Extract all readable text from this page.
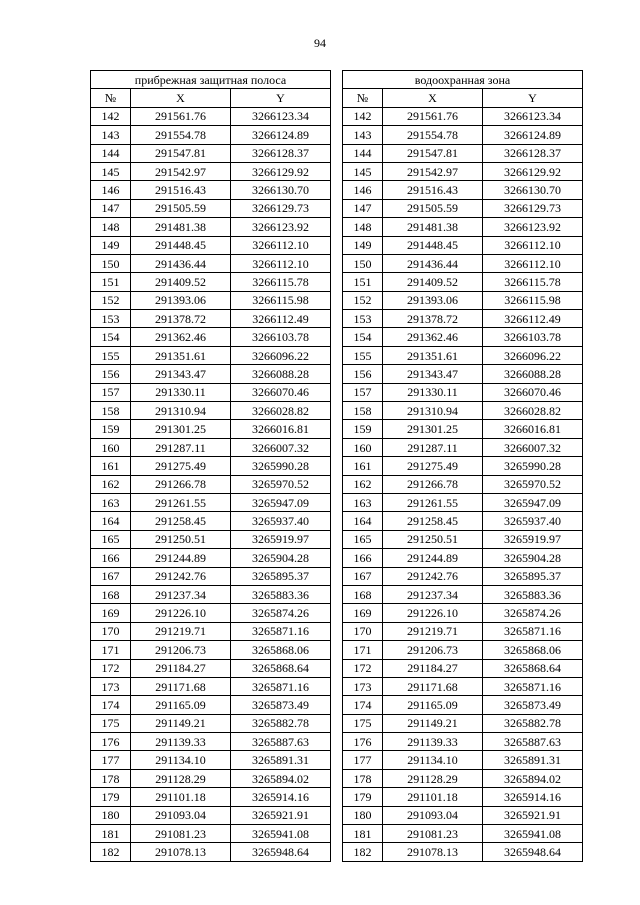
94
прибрежная защитная полоса				водоохранная зона		
№	X	Y		№	X	Y
142	291561.76	3266123.34		142	291561.76	3266123.34
143	291554.78	3266124.89		143	291554.78	3266124.89
144	291547.81	3266128.37		144	291547.81	3266128.37
145	291542.97	3266129.92		145	291542.97	3266129.92
146	291516.43	3266130.70		146	291516.43	3266130.70
147	291505.59	3266129.73		147	291505.59	3266129.73
148	291481.38	3266123.92		148	291481.38	3266123.92
149	291448.45	3266112.10		149	291448.45	3266112.10
150	291436.44	3266112.10		150	291436.44	3266112.10
151	291409.52	3266115.78		151	291409.52	3266115.78
152	291393.06	3266115.98		152	291393.06	3266115.98
153	291378.72	3266112.49		153	291378.72	3266112.49
154	291362.46	3266103.78		154	291362.46	3266103.78
155	291351.61	3266096.22		155	291351.61	3266096.22
156	291343.47	3266088.28		156	291343.47	3266088.28
157	291330.11	3266070.46		157	291330.11	3266070.46
158	291310.94	3266028.82		158	291310.94	3266028.82
159	291301.25	3266016.81		159	291301.25	3266016.81
160	291287.11	3266007.32		160	291287.11	3266007.32
161	291275.49	3265990.28		161	291275.49	3265990.28
162	291266.78	3265970.52		162	291266.78	3265970.52
163	291261.55	3265947.09		163	291261.55	3265947.09
164	291258.45	3265937.40		164	291258.45	3265937.40
165	291250.51	3265919.97		165	291250.51	3265919.97
166	291244.89	3265904.28		166	291244.89	3265904.28
167	291242.76	3265895.37		167	291242.76	3265895.37
168	291237.34	3265883.36		168	291237.34	3265883.36
169	291226.10	3265874.26		169	291226.10	3265874.26
170	291219.71	3265871.16		170	291219.71	3265871.16
171	291206.73	3265868.06		171	291206.73	3265868.06
172	291184.27	3265868.64		172	291184.27	3265868.64
173	291171.68	3265871.16		173	291171.68	3265871.16
174	291165.09	3265873.49		174	291165.09	3265873.49
175	291149.21	3265882.78		175	291149.21	3265882.78
176	291139.33	3265887.63		176	291139.33	3265887.63
177	291134.10	3265891.31		177	291134.10	3265891.31
178	291128.29	3265894.02		178	291128.29	3265894.02
179	291101.18	3265914.16		179	291101.18	3265914.16
180	291093.04	3265921.91		180	291093.04	3265921.91
181	291081.23	3265941.08		181	291081.23	3265941.08
182	291078.13	3265948.64		182	291078.13	3265948.64
